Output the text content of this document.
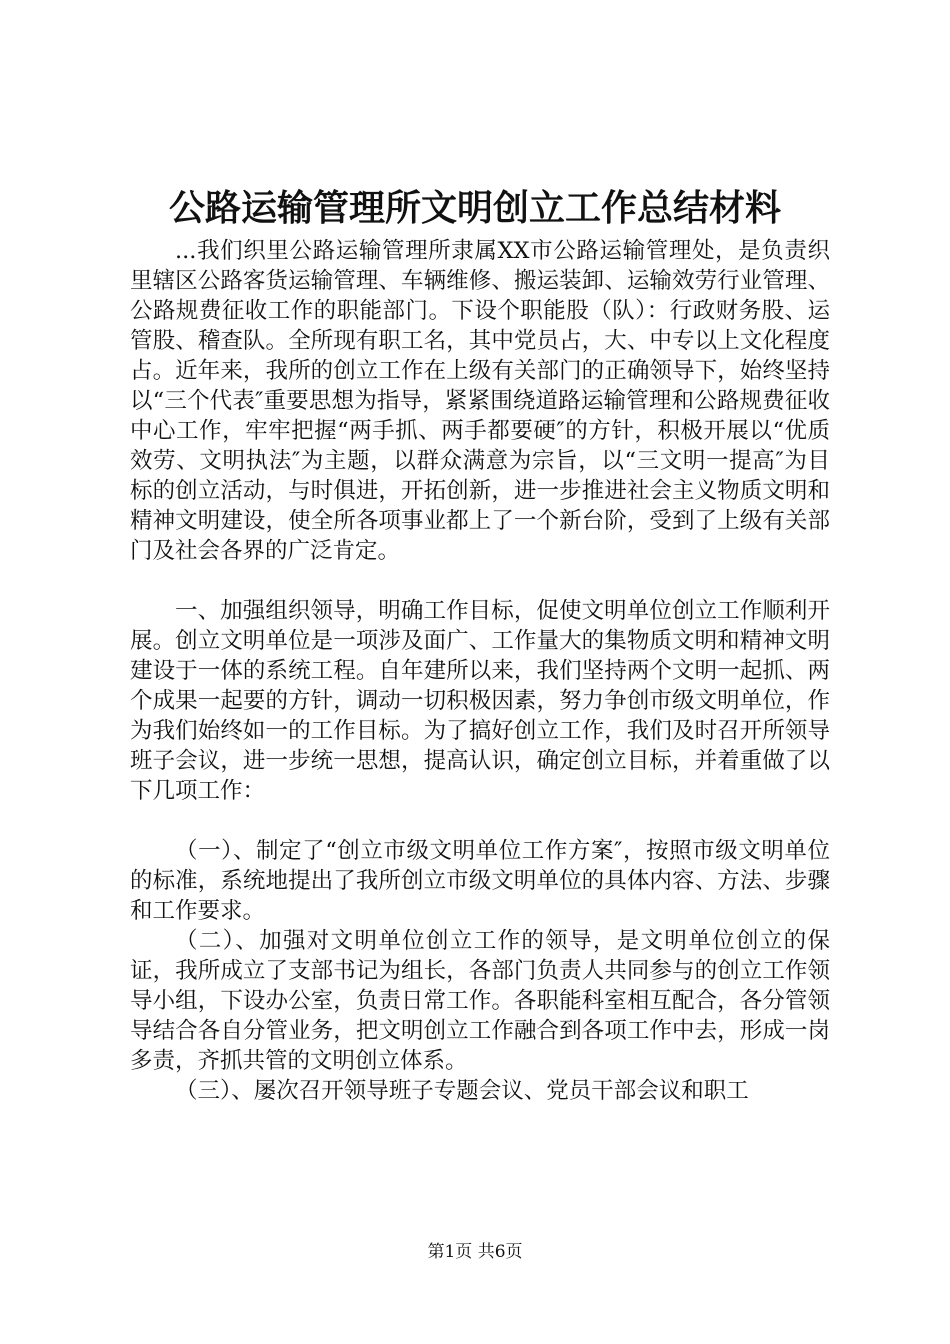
公路运输管理所文明创立工作总结材料

...我们织里公路运输管理所隶属XX市公路运输管理处，是负责织里辖区公路客货运输管理、车辆维修、搬运装卸、运输效劳行业管理、公路规费征收工作的职能部门。下设个职能股（队）：行政财务股、运管股、稽查队。全所现有职工名，其中党员占，大、中专以上文化程度占。近年来，我所的创立工作在上级有关部门的正确领导下，始终坚持以“三个代表″重要思想为指导，紧紧围绕道路运输管理和公路规费征收中心工作，牢牢把握“两手抓、两手都要硬″的方针，积极开展以“优质效劳、文明执法″为主题，以群众满意为宗旨，以“三文明一提高″为目标的创立活动，与时俱进，开拓创新，进一步推进社会主义物质文明和精神文明建设，使全所各项事业都上了一个新台阶，受到了上级有关部门及社会各界的广泛肯定。

一、加强组织领导，明确工作目标，促使文明单位创立工作顺利开展。创立文明单位是一项涉及面广、工作量大的集物质文明和精神文明建设于一体的系统工程。自年建所以来，我们坚持两个文明一起抓、两个成果一起要的方针，调动一切积极因素，努力争创市级文明单位，作为我们始终如一的工作目标。为了搞好创立工作，我们及时召开所领导班子会议，进一步统一思想，提高认识，确定创立目标，并着重做了以下几项工作：

（一）、制定了“创立市级文明单位工作方案″，按照市级文明单位的标准，系统地提出了我所创立市级文明单位的具体内容、方法、步骤和工作要求。

（二）、加强对文明单位创立工作的领导，是文明单位创立的保证，我所成立了支部书记为组长，各部门负责人共同参与的创立工作领导小组，下设办公室，负责日常工作。各职能科室相互配合，各分管领导结合各自分管业务，把文明创立工作融合到各项工作中去，形成一岗多责，齐抓共管的文明创立体系。

（三）、屡次召开领导班子专题会议、党员干部会议和职工

第1页 共6页
